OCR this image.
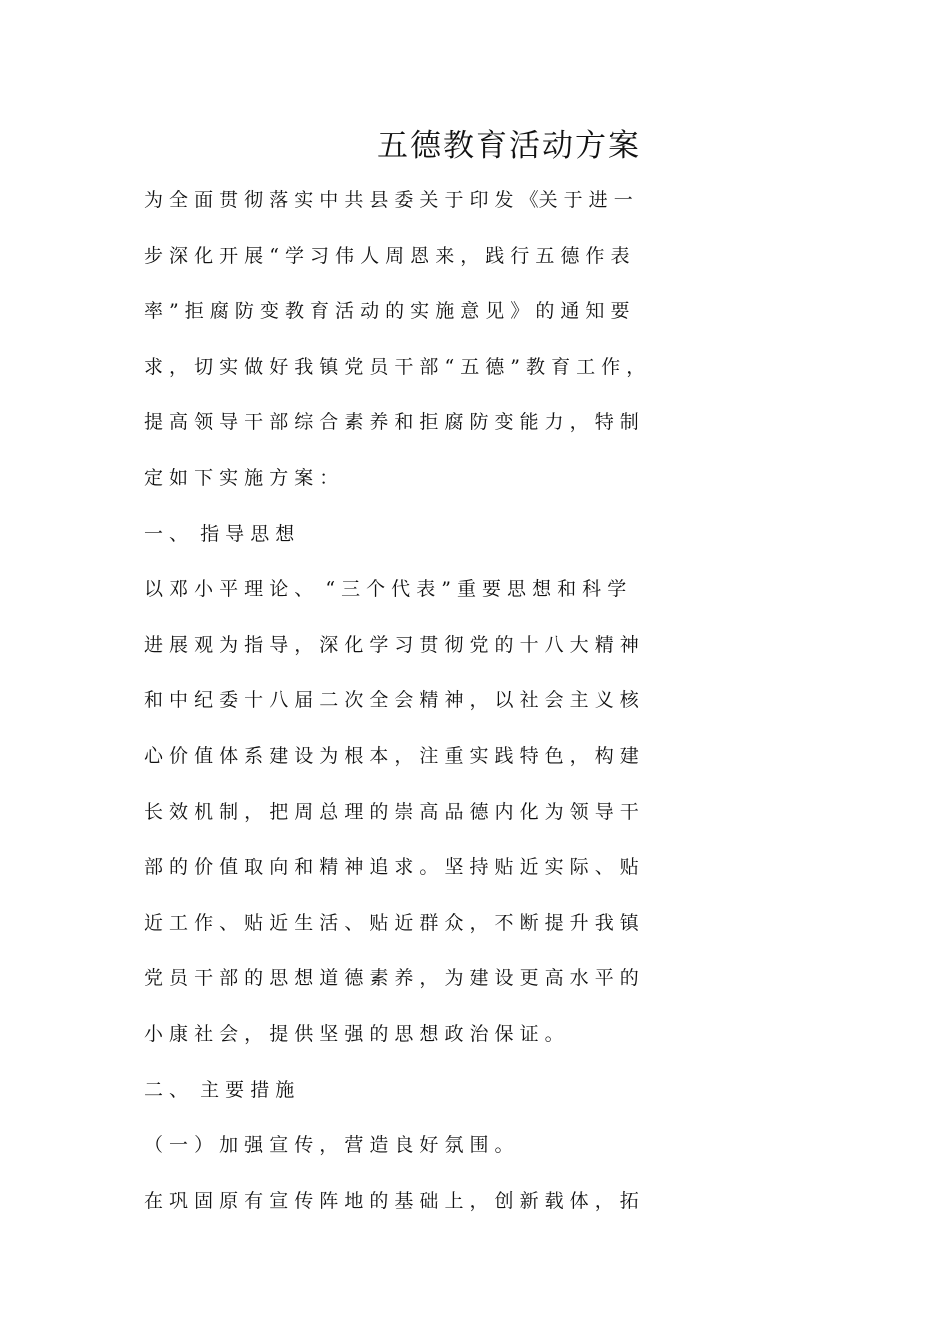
五德教育活动方案
为 全 面 贯 彻 落 实 中 共 县 委 关 于 印 发 《关 于 进 一
步 深 化 开 展 “ 学 习 伟 人 周 恩 来 ， 践 行 五 德 作 表
率 ” 拒 腐 防 变 教 育 活 动 的 实 施 意 见 》 的 通 知 要
求 ， 切 实 做 好 我 镇 党 员 干 部 “ 五 德 ” 教 育 工 作 ，
提 高 领 导 干 部 综 合 素 养 和 拒 腐 防 变 能 力 ， 特 制
定 如 下 实 施 方 案 ：
一 、  指 导 思 想
以 邓 小 平 理 论 、  “ 三 个 代 表 ” 重 要 思 想 和 科 学
进 展 观 为 指 导 ， 深 化 学 习 贯 彻 党 的 十 八 大 精 神
和 中 纪 委 十 八 届 二 次 全 会 精 神 ， 以 社 会 主 义 核
心 价 值 体 系 建 设 为 根 本 ， 注 重 实 践 特 色 ， 构 建
长 效 机 制 ， 把 周 总 理 的 崇 高 品 德 内 化 为 领 导 干
部 的 价 值 取 向 和 精 神 追 求 。 坚 持 贴 近 实 际 、 贴
近 工 作 、 贴 近 生 活 、 贴 近 群 众 ， 不 断 提 升 我 镇
党 员 干 部 的 思 想 道 德 素 养 ， 为 建 设 更 高 水 平 的
小 康 社 会 ， 提 供 坚 强 的 思 想 政 治 保 证 。
二 、  主 要 措 施
（ 一 ） 加 强 宣 传 ， 营 造 良 好 氛 围 。
在 巩 固 原 有 宣 传 阵 地 的 基 础 上 ， 创 新 载 体 ， 拓
